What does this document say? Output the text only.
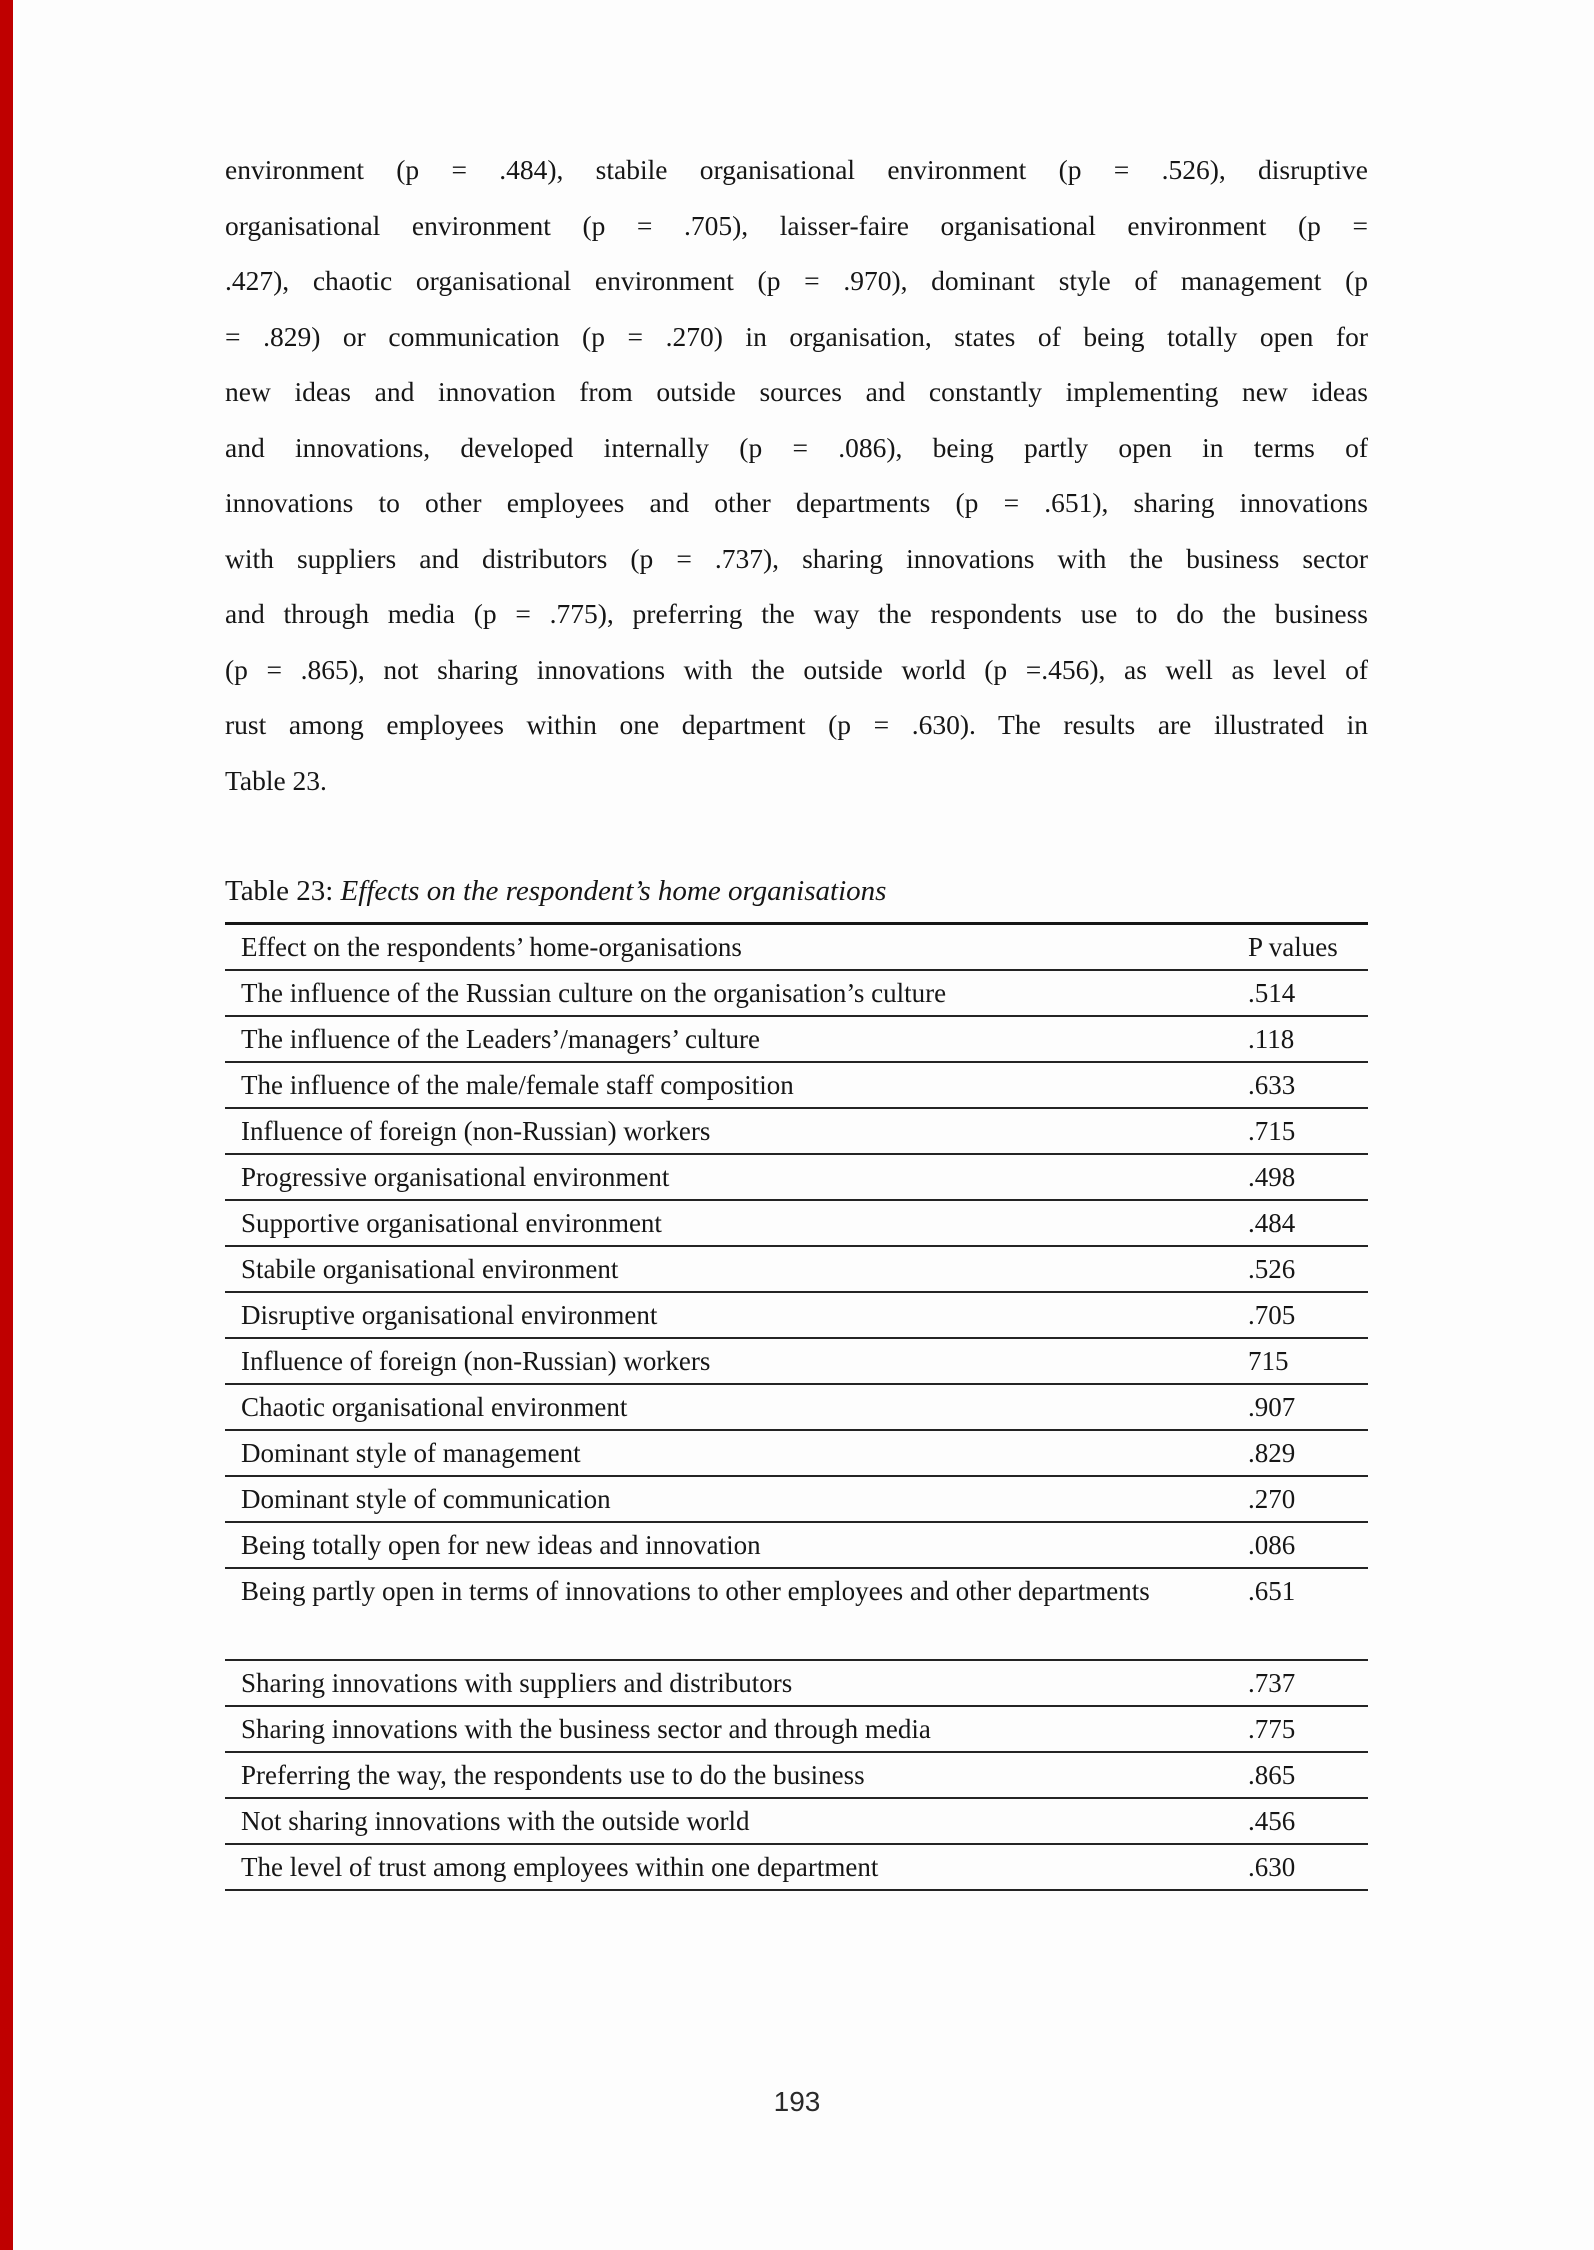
environment (p = .484), stabile organisational environment (p = .526), disruptive
organisational environment (p = .705), laisser-faire organisational environment (p =
.427), chaotic organisational environment (p = .970), dominant style of management (p
= .829) or communication (p = .270) in organisation, states of being totally open for
new ideas and innovation from outside sources and constantly implementing new ideas
and innovations, developed internally (p = .086), being partly open in terms of
innovations to other employees and other departments (p = .651), sharing innovations
with suppliers and distributors (p = .737), sharing innovations with the business sector
and through media (p = .775), preferring the way the respondents use to do the business
(p = .865), not sharing innovations with the outside world (p =.456), as well as level of
rust among employees within one department (p = .630). The results are illustrated in
Table 23.
Table 23: Effects on the respondent’s home organisations
Effect on the respondents’ home-organisations	P values
The influence of the Russian culture on the organisation’s culture	.514
The influence of the Leaders’/managers’ culture	.118
The influence of the male/female staff composition	.633
Influence of foreign (non-Russian) workers	.715
Progressive organisational environment	.498
Supportive organisational environment	.484
Stabile organisational environment	.526
Disruptive organisational environment	.705
Influence of foreign (non-Russian) workers	715
Chaotic organisational environment	.907
Dominant style of management	.829
Dominant style of communication	.270
Being totally open for new ideas and innovation	.086
Being partly open in terms of innovations to other employees and other departments	.651
Sharing innovations with suppliers and distributors	.737
Sharing innovations with the business sector and through media	.775
Preferring the way, the respondents use to do the business	.865
Not sharing innovations with the outside world	.456
The level of trust among employees within one department	.630
193
